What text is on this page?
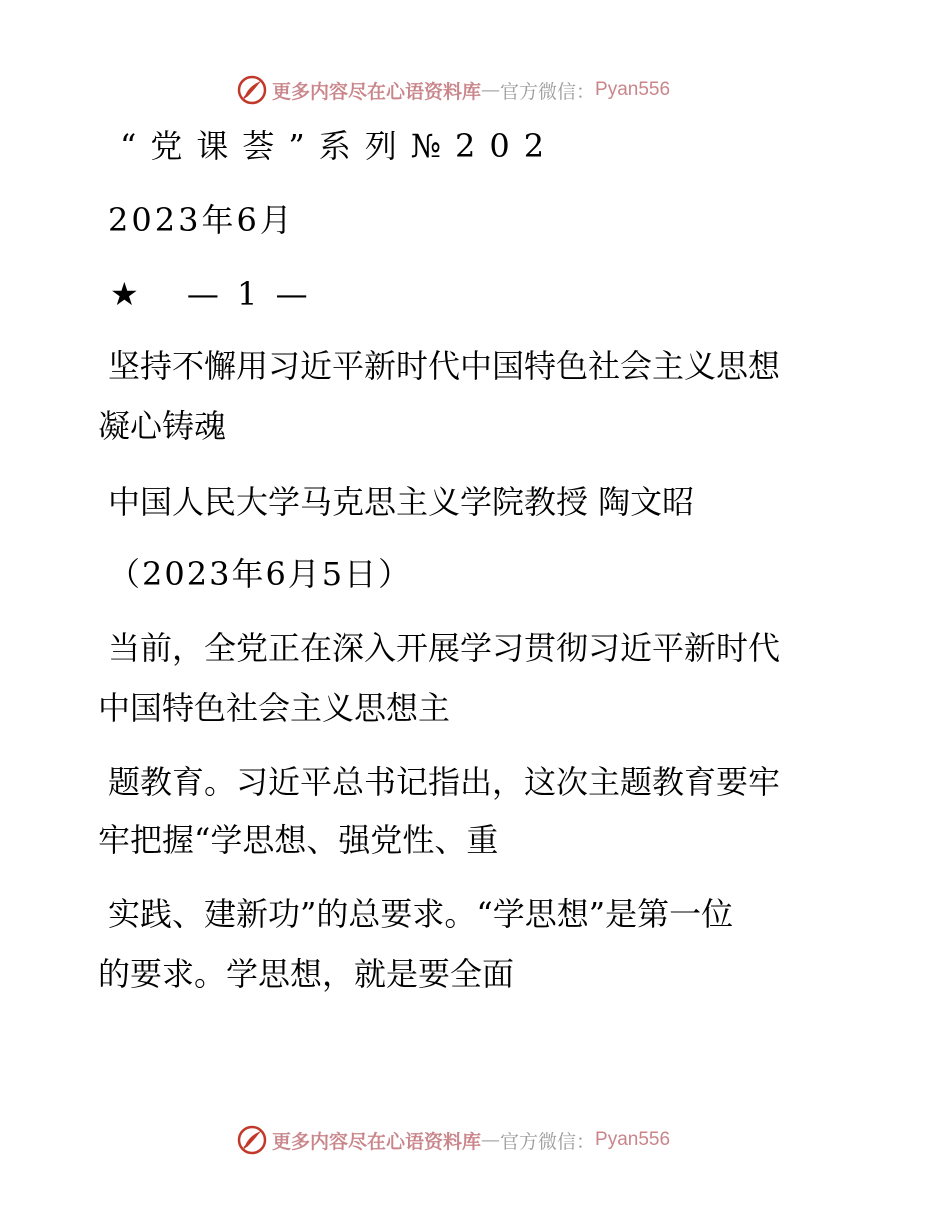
更多内容尽在心语资料库 — 官方微信： Pyan556
“党课荟”系列№202
2023年6月
★ — 1 —
坚持不懈用习近平新时代中国特色社会主义思想
凝心铸魂
中国人民大学马克思主义学院教授 陶文昭
（2023年6月5日）
当前，全党正在深入开展学习贯彻习近平新时代
中国特色社会主义思想主
题教育。习近平总书记指出，这次主题教育要牢
牢把握“学思想、强党性、重
实践、建新功”的总要求。“学思想”是第一位
的要求。学思想，就是要全面
更多内容尽在心语资料库 — 官方微信： Pyan556
